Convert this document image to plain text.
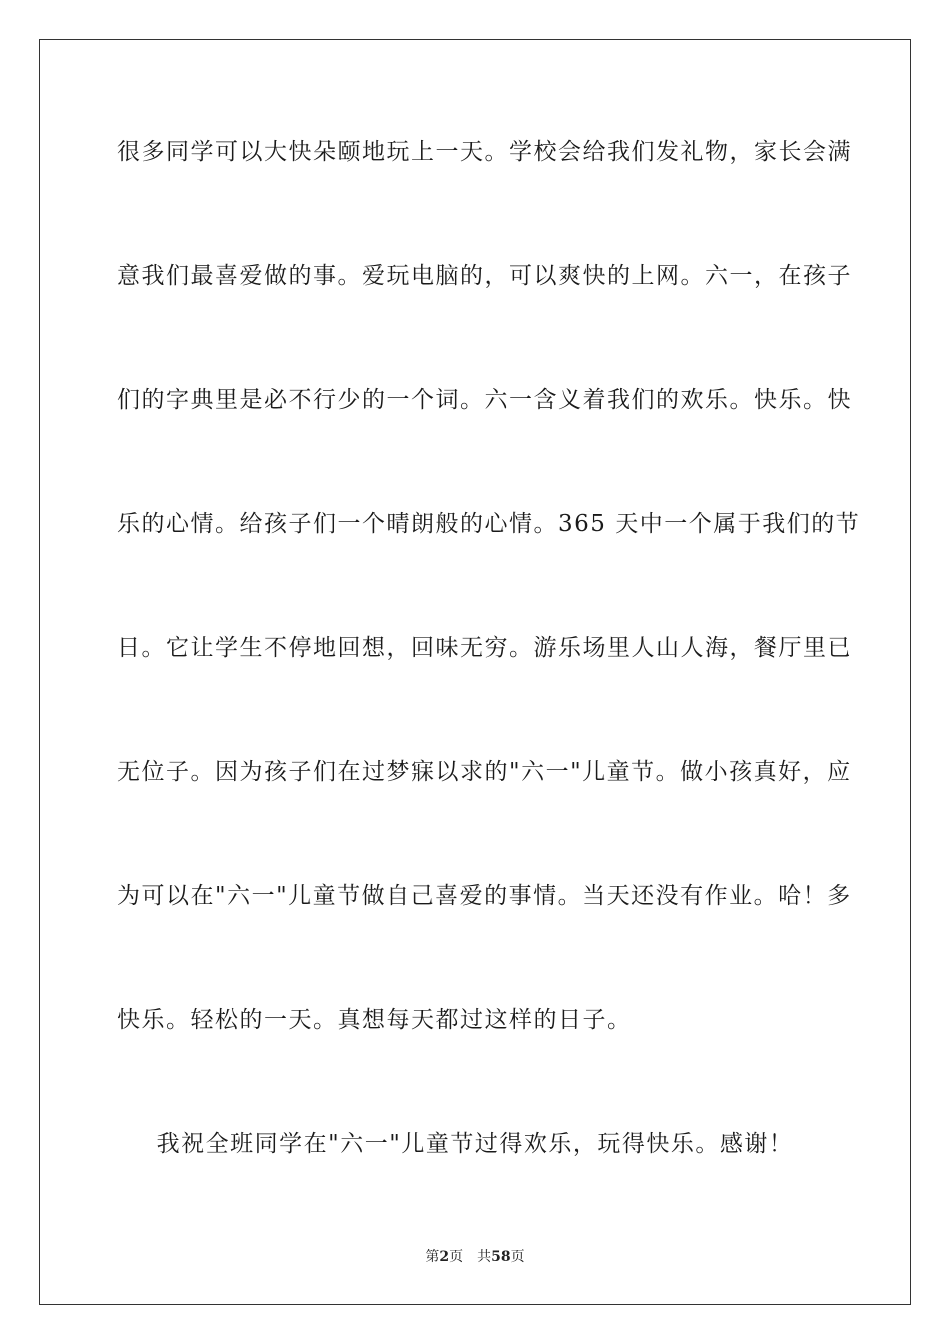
很多同学可以大快朵颐地玩上一天。学校会给我们发礼物，家长会满
意我们最喜爱做的事。爱玩电脑的，可以爽快的上网。六一，在孩子
们的字典里是必不行少的一个词。六一含义着我们的欢乐。快乐。快
乐的心情。给孩子们一个晴朗般的心情。365 天中一个属于我们的节
日。它让学生不停地回想，回味无穷。游乐场里人山人海，餐厅里已
无位子。因为孩子们在过梦寐以求的"六一"儿童节。做小孩真好，应
为可以在"六一"儿童节做自己喜爱的事情。当天还没有作业。哈！多
快乐。轻松的一天。真想每天都过这样的日子。
我祝全班同学在"六一"儿童节过得欢乐，玩得快乐。感谢！
第2页 共58页
